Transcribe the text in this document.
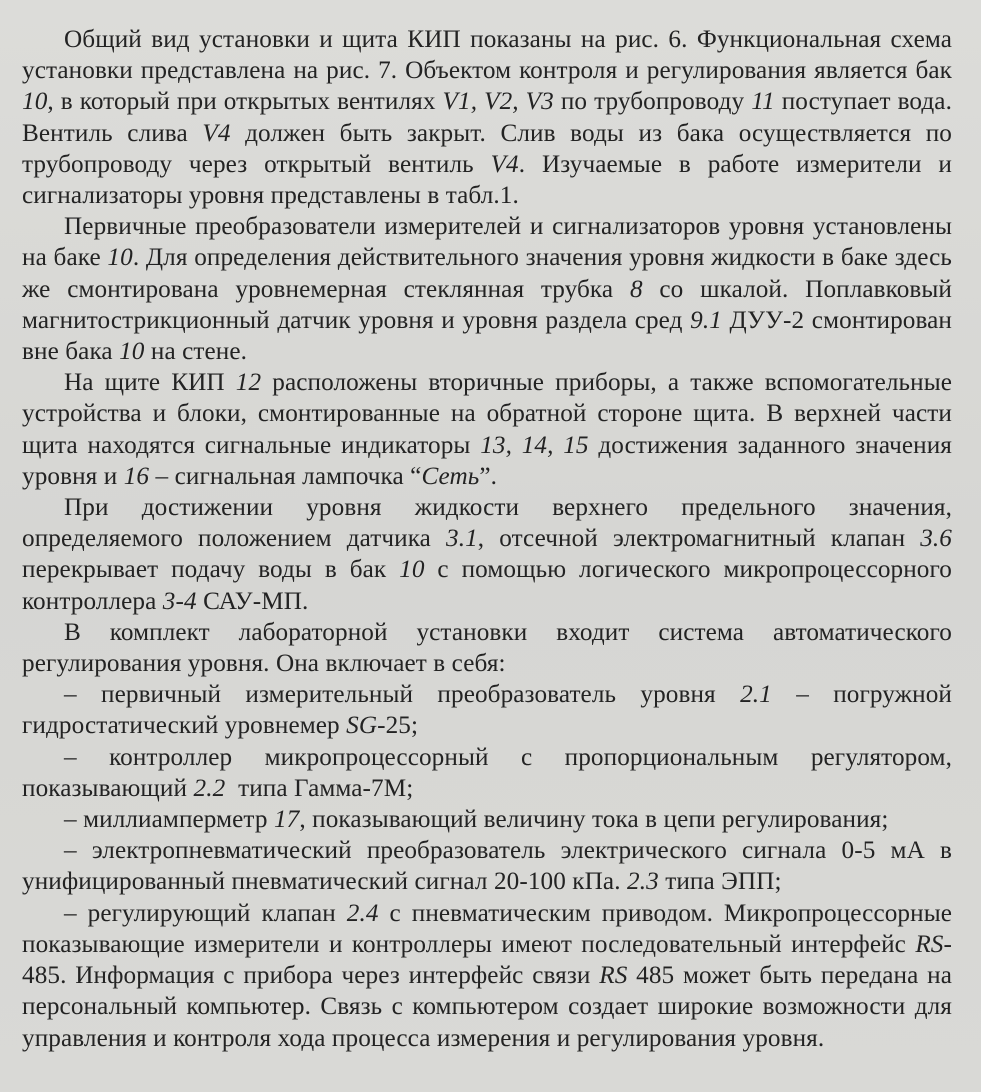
Общий вид установки и щита КИП показаны на рис. 6. Функциональная схема установки представлена на рис. 7. Объектом контроля и регулирования является бак 10, в который при открытых вентилях V1, V2, V3 по трубопроводу 11 поступает вода. Вентиль слива V4 должен быть закрыт. Слив воды из бака осуществляется по трубопроводу через открытый вентиль V4. Изучаемые в работе измерители и сигнализаторы уровня представлены в табл.1.

Первичные преобразователи измерителей и сигнализаторов уровня установлены на баке 10. Для определения действительного значения уровня жидкости в баке здесь же смонтирована уровнемерная стеклянная трубка 8 со шкалой. Поплавковый магнитострикционный датчик уровня и уровня раздела сред 9.1 ДУУ-2 смонтирован вне бака 10 на стене.

На щите КИП 12 расположены вторичные приборы, а также вспомогательные устройства и блоки, смонтированные на обратной стороне щита. В верхней части щита находятся сигнальные индикаторы 13, 14, 15 достижения заданного значения уровня и 16 – сигнальная лампочка “Сеть”.

При достижении уровня жидкости верхнего предельного значения, определяемого положением датчика 3.1, отсечной электромагнитный клапан 3.6 перекрывает подачу воды в бак 10 с помощью логического микропроцессорного контроллера 3-4 САУ-МП.

В комплект лабораторной установки входит система автоматического регулирования уровня. Она включает в себя:

– первичный измерительный преобразователь уровня 2.1 – погружной гидростатический уровнемер SG-25;

– контроллер микропроцессорный с пропорциональным регулятором, показывающий 2.2  типа Гамма-7М;

– миллиамперметр 17, показывающий величину тока в цепи регулирования;

– электропневматический преобразователь электрического сигнала 0-5 мА в унифицированный пневматический сигнал 20-100 кПа. 2.3 типа ЭПП;

– регулирующий клапан 2.4 с пневматическим приводом. Микропроцессорные показывающие измерители и контроллеры имеют последовательный интерфейс RS-485. Информация с прибора через интерфейс связи RS 485 может быть передана на персональный компьютер. Связь с компьютером создает широкие возможности для управления и контроля хода процесса измерения и регулирования уровня.
